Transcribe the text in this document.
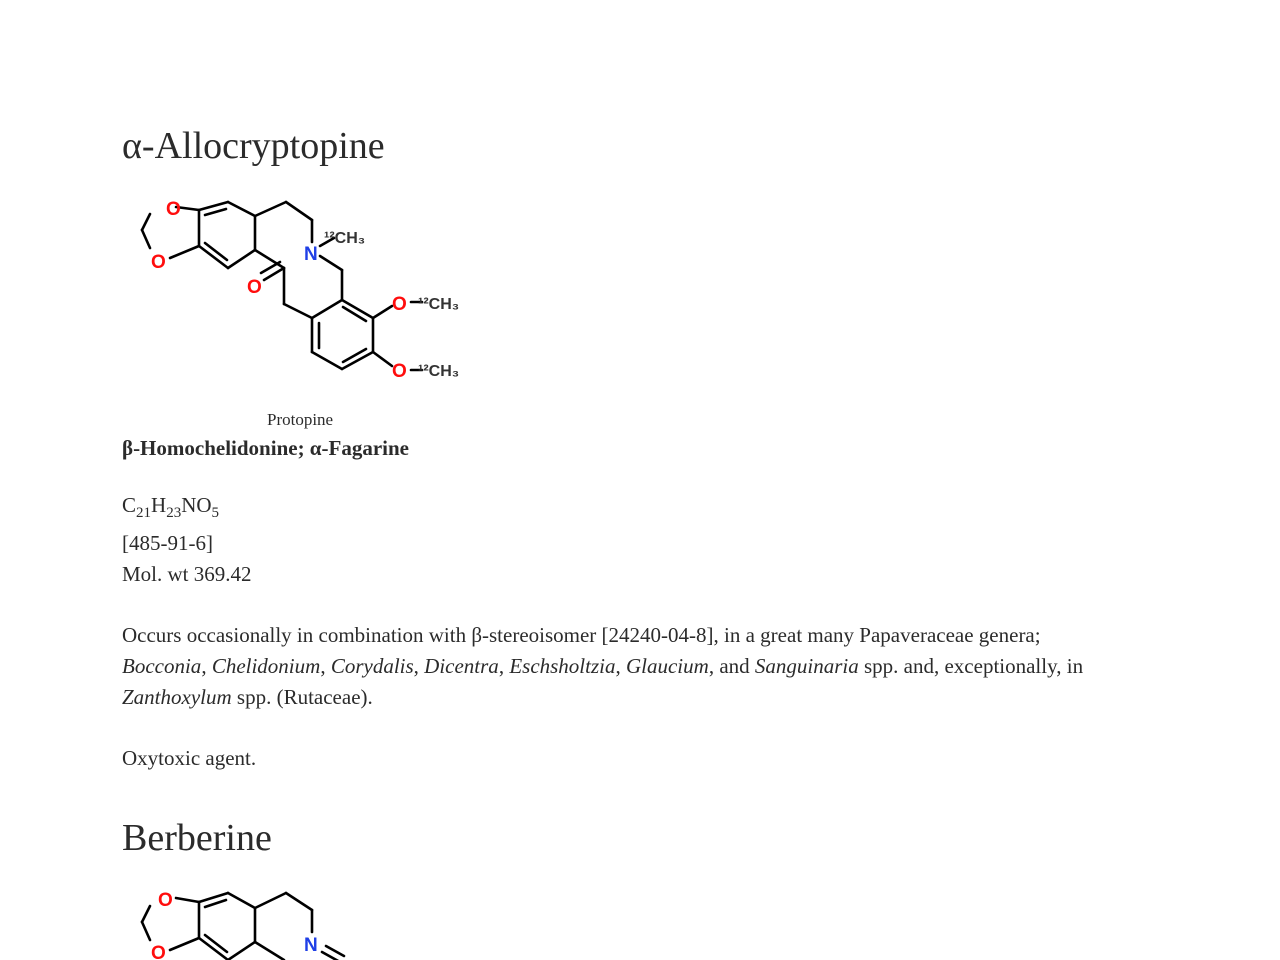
α-Allocryptopine
O
O	N
O
O
O
¹²CH₃
¹²CH₃
¹²CH₃
Protopine
β-Homochelidonine; α-Fagarine
$C_{21}H_{23}NO_5$
[485-91-6]
Mol. wt 369.42

Occurs occasionally in combination with β-stereoisomer [24240-04-8], in a great many Papaveraceae genera; Bocconia, Chelidonium, Corydalis, Dicentra, Eschsholtzia, Glaucium, and Sanguinaria spp. and, exceptionally, in Zanthoxylum spp. (Rutaceae).

Oxytoxic agent.
Berberine
O
O	N
